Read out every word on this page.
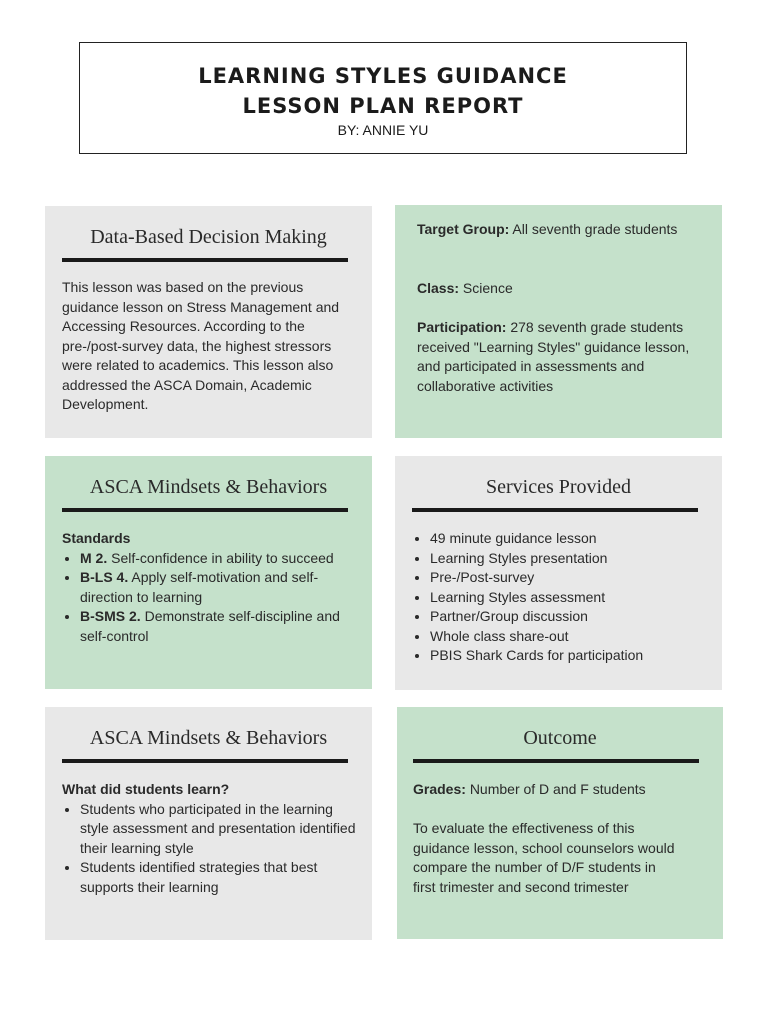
LEARNING STYLES GUIDANCE
LESSON PLAN REPORT
BY: ANNIE YU
Data-Based Decision Making
This lesson was based on the previous guidance lesson on Stress Management and Accessing Resources. According to the pre-/post-survey data, the highest stressors were related to academics. This lesson also addressed the ASCA Domain, Academic Development.
Target Group: All seventh grade students
Class: Science
Participation: 278 seventh grade students received "Learning Styles" guidance lesson, and participated in assessments and collaborative activities
ASCA Mindsets & Behaviors
Standards
• M 2. Self-confidence in ability to succeed
• B-LS 4. Apply self-motivation and self- direction to learning
• B-SMS 2. Demonstrate self-discipline and self-control
Services Provided
• 49 minute guidance lesson
• Learning Styles presentation
• Pre-/Post-survey
• Learning Styles assessment
• Partner/Group discussion
• Whole class share-out
• PBIS Shark Cards for participation
ASCA Mindsets & Behaviors
What did students learn?
• Students who participated in the learning style assessment and presentation identified their learning style
• Students identified strategies that best supports their learning
Outcome
Grades: Number of D and F students
To evaluate the effectiveness of this guidance lesson, school counselors would compare the number of D/F students in first trimester and second trimester
